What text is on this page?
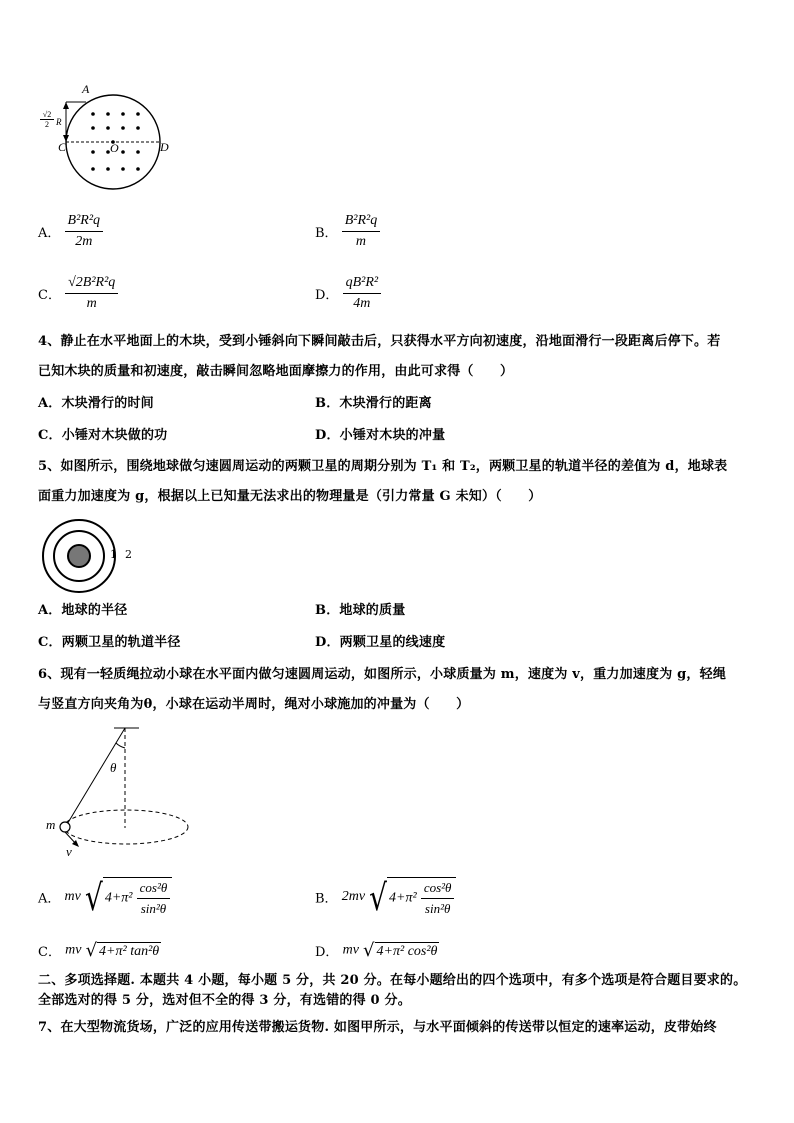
A
C	O	D
√2
2 R
A． $\frac{\text{B²R²q}}{2m}$	B． $\frac{\text{B²R²q}}{m}$
C． $\frac{\text{√2B²R²q}}{m}$	D． $\frac{\text{qB²R²}}{4m}$
4、静止在水平地面上的木块，受到小锤斜向下瞬间敲击后，只获得水平方向初速度，沿地面滑行一段距离后停下。若
已知木块的质量和初速度，敲击瞬间忽略地面摩擦力的作用，由此可求得（　　）
A．木块滑行的时间	B．木块滑行的距离
C．小锤对木块做的功	D．小锤对木块的冲量
5、如图所示，围绕地球做匀速圆周运动的两颗卫星的周期分别为 T₁ 和 T₂，两颗卫星的轨道半径的差值为 d，地球表
面重力加速度为 g，根据以上已知量无法求出的物理量是（引力常量 G 未知）（　　）
1 2
A．地球的半径	B．地球的质量
C．两颗卫星的轨道半径	D．两颗卫星的线速度
6、现有一轻质绳拉动小球在水平面内做匀速圆周运动，如图所示，小球质量为 m，速度为 v，重力加速度为 g，轻绳
与竖直方向夹角为θ，小球在运动半周时，绳对小球施加的冲量为（　　）
θ
m
v
A． mv √ $4+\pi^2 \frac{\text{cos²θ}}{\text{sin²θ}}$	B． 2mv √ $4+\pi^2 \frac{\text{cos²θ}}{\text{sin²θ}}$
C． mv √ 4+π² tan²θ	D． mv √ 4+π² cos²θ
二、多项选择题. 本题共 4 小题，每小题 5 分，共 20 分。在每小题给出的四个选项中，有多个选项是符合题目要求的。
全部选对的得 5 分，选对但不全的得 3 分，有选错的得 0 分。
7、在大型物流货场，广泛的应用传送带搬运货物. 如图甲所示，与水平面倾斜的传送带以恒定的速率运动，皮带始终
